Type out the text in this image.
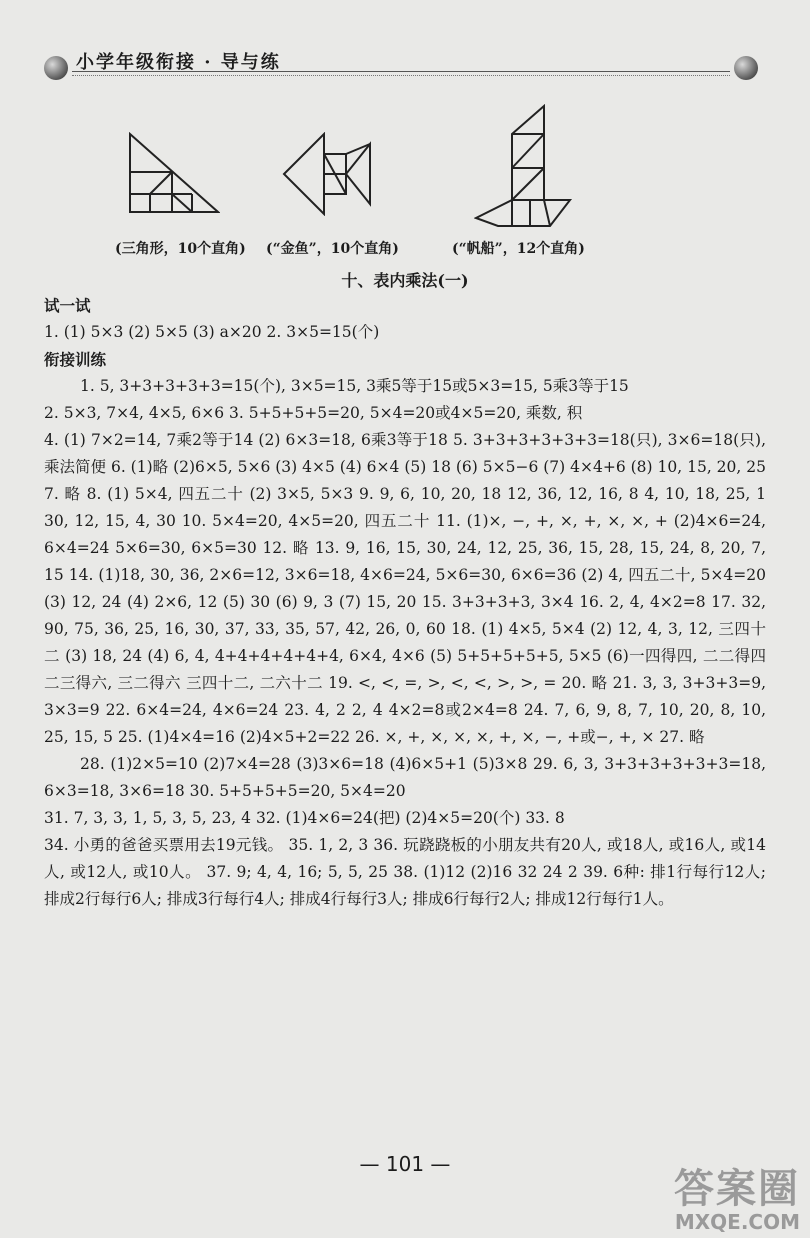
小学年级衔接 · 导与练
(三角形，10个直角) (“金鱼”，10个直角)	(“帆船”，12个直角)
十、表内乘法(一)

试一试

1. (1) 5×3 (2) 5×5 (3) a×20 2. 3×5=15(个)

衔接训练

1. 5, 3+3+3+3+3=15(个), 3×5=15, 3乘5等于15或5×3=15, 5乘3等于15

2. 5×3, 7×4, 4×5, 6×6 3. 5+5+5+5=20, 5×4=20或4×5=20, 乘数, 积

4. (1) 7×2=14, 7乘2等于14 (2) 6×3=18, 6乘3等于18 5. 3+3+3+3+3+3=18(只), 3×6=18(只), 乘法简便 6. (1)略 (2)6×5, 5×6 (3) 4×5 (4) 6×4 (5) 18 (6) 5×5−6 (7) 4×4+6 (8) 10, 15, 20, 25 7. 略 8. (1) 5×4, 四五二十 (2) 3×5, 5×3 9. 9, 6, 10, 20, 18 12, 36, 12, 16, 8 4, 10, 18, 25, 1 30, 12, 15, 4, 30 10. 5×4=20, 4×5=20, 四五二十 11. (1)×, −, +, ×, +, ×, ×, + (2)4×6=24, 6×4=24 5×6=30, 6×5=30 12. 略 13. 9, 16, 15, 30, 24, 12, 25, 36, 15, 28, 15, 24, 8, 20, 7, 15 14. (1)18, 30, 36, 2×6=12, 3×6=18, 4×6=24, 5×6=30, 6×6=36 (2) 4, 四五二十, 5×4=20 (3) 12, 24 (4) 2×6, 12 (5) 30 (6) 9, 3 (7) 15, 20 15. 3+3+3+3, 3×4 16. 2, 4, 4×2=8 17. 32, 90, 75, 36, 25, 16, 30, 37, 33, 35, 57, 42, 26, 0, 60 18. (1) 4×5, 5×4 (2) 12, 4, 3, 12, 三四十二 (3) 18, 24 (4) 6, 4, 4+4+4+4+4+4, 6×4, 4×6 (5) 5+5+5+5+5, 5×5 (6)一四得四, 二二得四 二三得六, 三二得六 三四十二, 二六十二 19. <, <, =, >, <, <, >, >, = 20. 略 21. 3, 3, 3+3+3=9, 3×3=9 22. 6×4=24, 4×6=24 23. 4, 2 2, 4 4×2=8或2×4=8 24. 7, 6, 9, 8, 7, 10, 20, 8, 10, 25, 15, 5 25. (1)4×4=16 (2)4×5+2=22 26. ×, +, ×, ×, ×, +, ×, −, +或−, +, × 27. 略

28. (1)2×5=10 (2)7×4=28 (3)3×6=18 (4)6×5+1 (5)3×8 29. 6, 3, 3+3+3+3+3+3=18, 6×3=18, 3×6=18 30. 5+5+5+5=20, 5×4=20

31. 7, 3, 3, 1, 5, 3, 5, 23, 4 32. (1)4×6=24(把) (2)4×5=20(个) 33. 8

34. 小勇的爸爸买票用去19元钱。 35. 1, 2, 3 36. 玩跷跷板的小朋友共有20人, 或18人, 或16人, 或14人, 或12人, 或10人。 37. 9; 4, 4, 16; 5, 5, 25 38. (1)12 (2)16 32 24 2 39. 6种: 排1行每行12人; 排成2行每行6人; 排成3行每行4人; 排成4行每行3人; 排成6行每行2人; 排成12行每行1人。

— 101 —
答案圈
MXQE.COM
